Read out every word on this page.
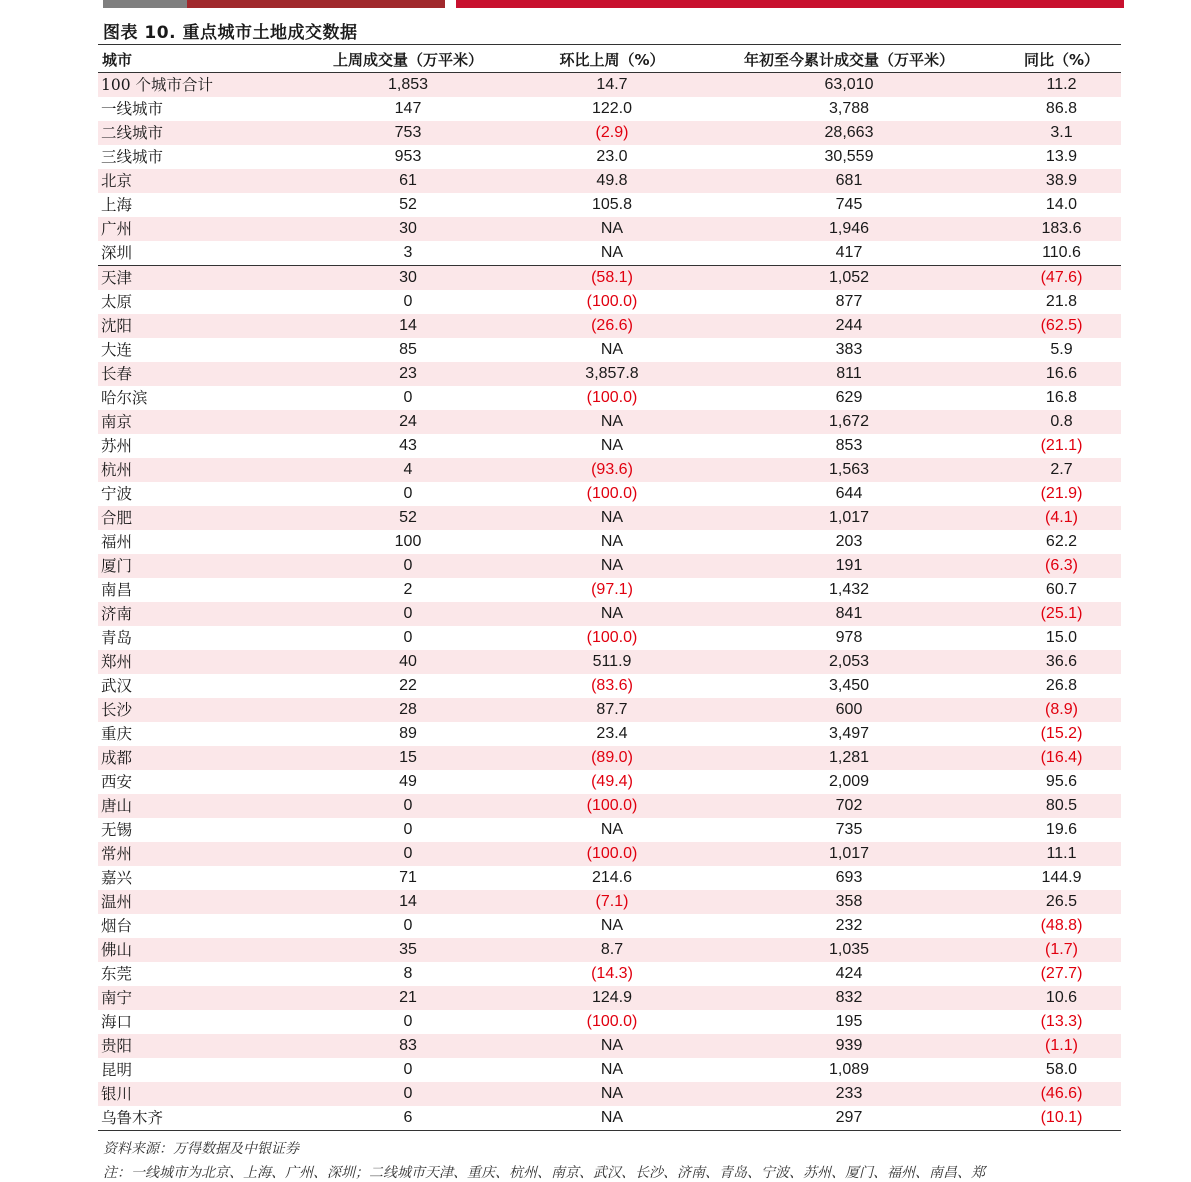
图表 10. 重点城市土地成交数据
城市	上周成交量（万平米）	环比上周（%）	年初至今累计成交量（万平米）	同比（%）
100 个城市合计	1,853	14.7	63,010	11.2
一线城市	147	122.0	3,788	86.8
二线城市	753	(2.9)	28,663	3.1
三线城市	953	23.0	30,559	13.9
北京	61	49.8	681	38.9
上海	52	105.8	745	14.0
广州	30	NA	1,946	183.6
深圳	3	NA	417	110.6
天津	30	(58.1)	1,052	(47.6)
太原	0	(100.0)	877	21.8
沈阳	14	(26.6)	244	(62.5)
大连	85	NA	383	5.9
长春	23	3,857.8	811	16.6
哈尔滨	0	(100.0)	629	16.8
南京	24	NA	1,672	0.8
苏州	43	NA	853	(21.1)
杭州	4	(93.6)	1,563	2.7
宁波	0	(100.0)	644	(21.9)
合肥	52	NA	1,017	(4.1)
福州	100	NA	203	62.2
厦门	0	NA	191	(6.3)
南昌	2	(97.1)	1,432	60.7
济南	0	NA	841	(25.1)
青岛	0	(100.0)	978	15.0
郑州	40	511.9	2,053	36.6
武汉	22	(83.6)	3,450	26.8
长沙	28	87.7	600	(8.9)
重庆	89	23.4	3,497	(15.2)
成都	15	(89.0)	1,281	(16.4)
西安	49	(49.4)	2,009	95.6
唐山	0	(100.0)	702	80.5
无锡	0	NA	735	19.6
常州	0	(100.0)	1,017	11.1
嘉兴	71	214.6	693	144.9
温州	14	(7.1)	358	26.5
烟台	0	NA	232	(48.8)
佛山	35	8.7	1,035	(1.7)
东莞	8	(14.3)	424	(27.7)
南宁	21	124.9	832	10.6
海口	0	(100.0)	195	(13.3)
贵阳	83	NA	939	(1.1)
昆明	0	NA	1,089	58.0
银川	0	NA	233	(46.6)
乌鲁木齐	6	NA	297	(10.1)
资料来源：万得数据及中银证券
注：一线城市为北京、上海、广州、深圳；二线城市天津、重庆、杭州、南京、武汉、长沙、济南、青岛、宁波、苏州、厦门、福州、南昌、郑
